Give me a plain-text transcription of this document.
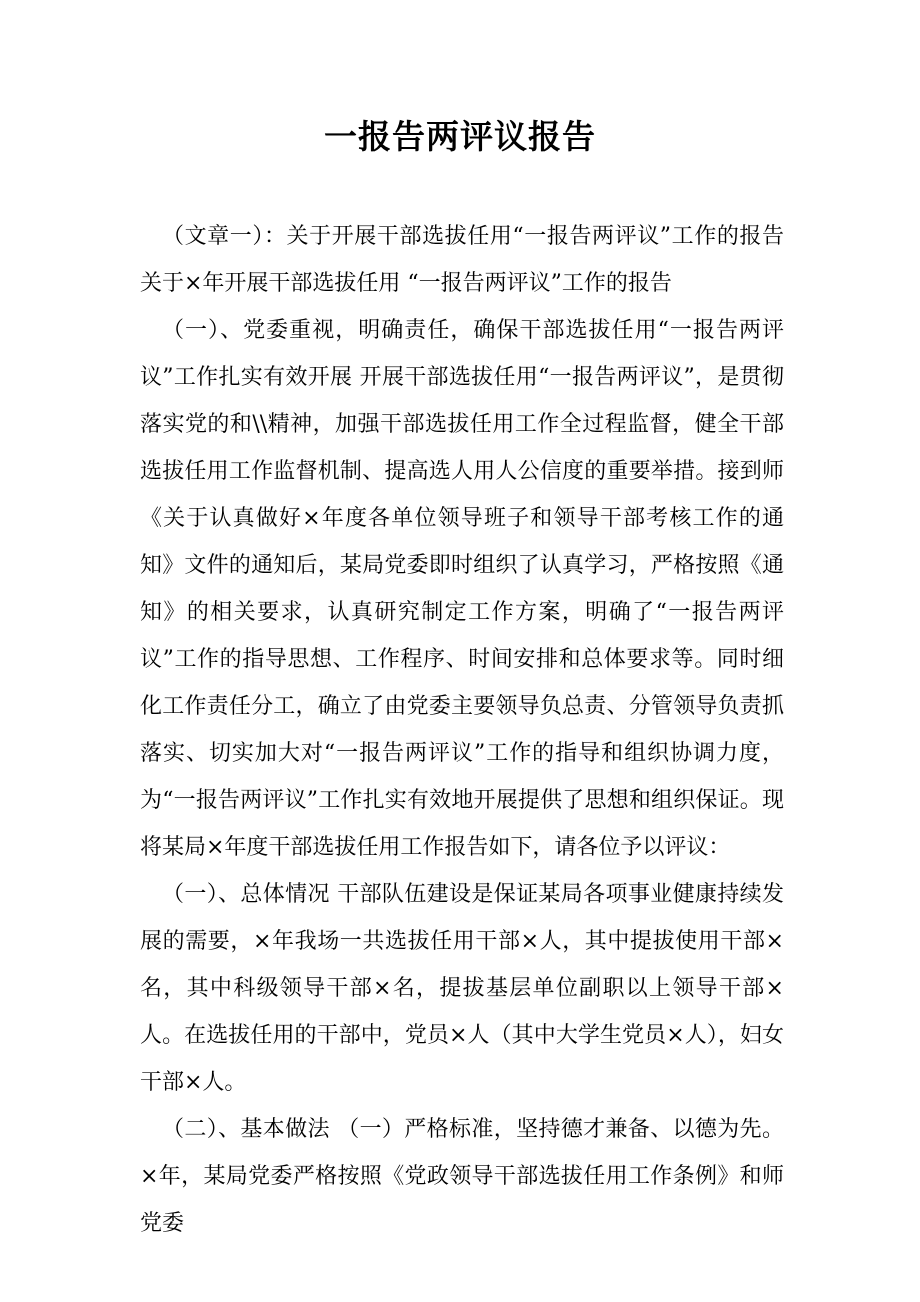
一报告两评议报告

（文章一）：关于开展干部选拔任用“一报告两评议”工作的报告 关于×年开展干部选拔任用 “一报告两评议”工作的报告

（一）、党委重视，明确责任，确保干部选拔任用“一报告两评议”工作扎实有效开展 开展干部选拔任用“一报告两评议”，是贯彻落实党的和\\精神，加强干部选拔任用工作全过程监督，健全干部选拔任用工作监督机制、提高选人用人公信度的重要举措。接到师《关于认真做好×年度各单位领导班子和领导干部考核工作的通知》文件的通知后，某局党委即时组织了认真学习，严格按照《通知》的相关要求，认真研究制定工作方案，明确了“一报告两评议”工作的指导思想、工作程序、时间安排和总体要求等。同时细化工作责任分工，确立了由党委主要领导负总责、分管领导负责抓落实、切实加大对“一报告两评议”工作的指导和组织协调力度，为“一报告两评议”工作扎实有效地开展提供了思想和组织保证。现将某局×年度干部选拔任用工作报告如下，请各位予以评议：

（一）、总体情况 干部队伍建设是保证某局各项事业健康持续发展的需要，×年我场一共选拔任用干部×人，其中提拔使用干部×名，其中科级领导干部×名，提拔基层单位副职以上领导干部×人。在选拔任用的干部中，党员×人（其中大学生党员×人），妇女干部×人。

（二）、基本做法 （一）严格标准，坚持德才兼备、以德为先。×年，某局党委严格按照《党政领导干部选拔任用工作条例》和师党委
